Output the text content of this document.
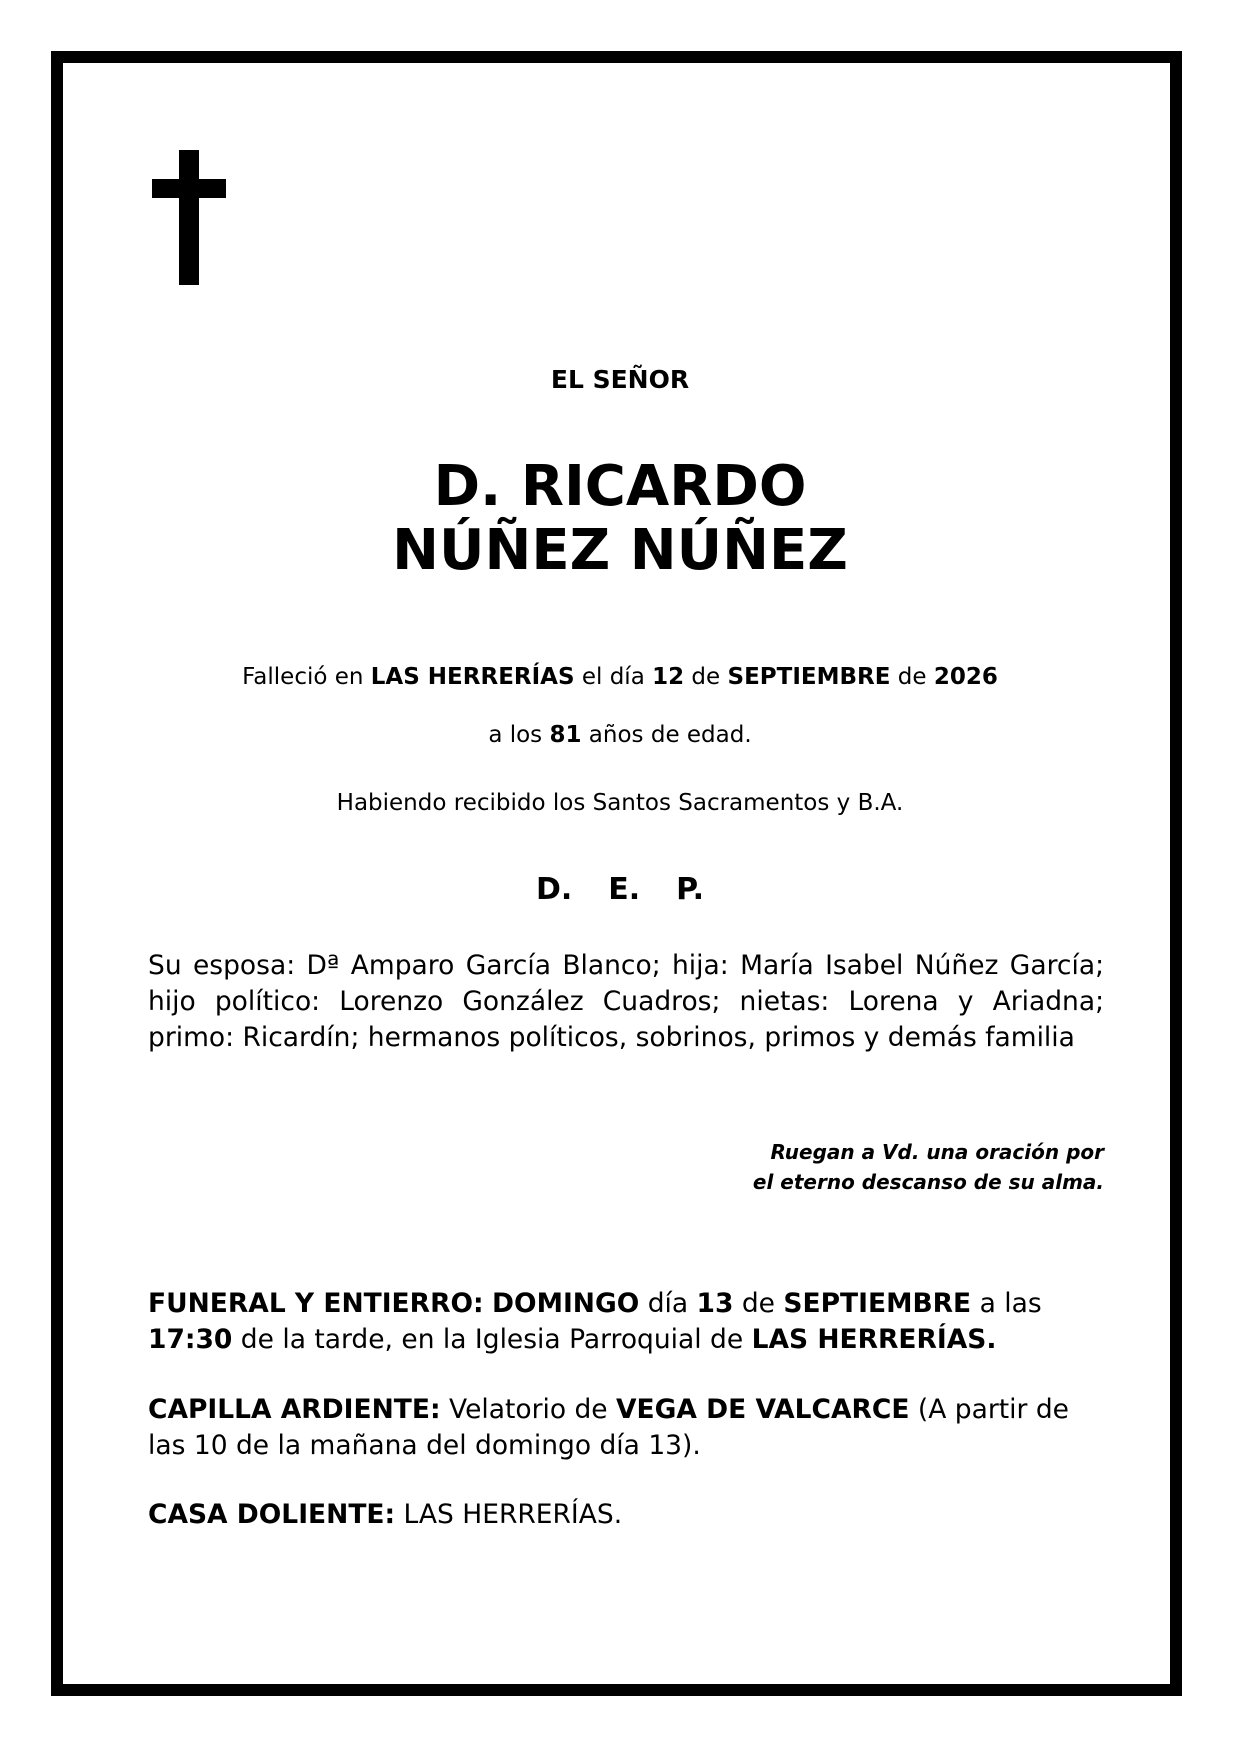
EL SEÑOR
D. RICARDO
NÚÑEZ NÚÑEZ
Falleció en LAS HERRERÍAS el día 12 de SEPTIEMBRE de 2026
a los 81 años de edad.
Habiendo recibido los Santos Sacramentos y B.A.
D. E. P.
Su esposa: Dª Amparo García Blanco; hija: María Isabel Núñez García; hijo político: Lorenzo González Cuadros; nietas: Lorena y Ariadna; primo: Ricardín; hermanos políticos, sobrinos, primos y demás familia
Ruegan a Vd. una oración por
el eterno descanso de su alma.
FUNERAL Y ENTIERRO: DOMINGO día 13 de SEPTIEMBRE a las 17:30 de la tarde, en la Iglesia Parroquial de LAS HERRERÍAS.
CAPILLA ARDIENTE: Velatorio de VEGA DE VALCARCE (A partir de las 10 de la mañana del domingo día 13).
CASA DOLIENTE: LAS HERRERÍAS.
